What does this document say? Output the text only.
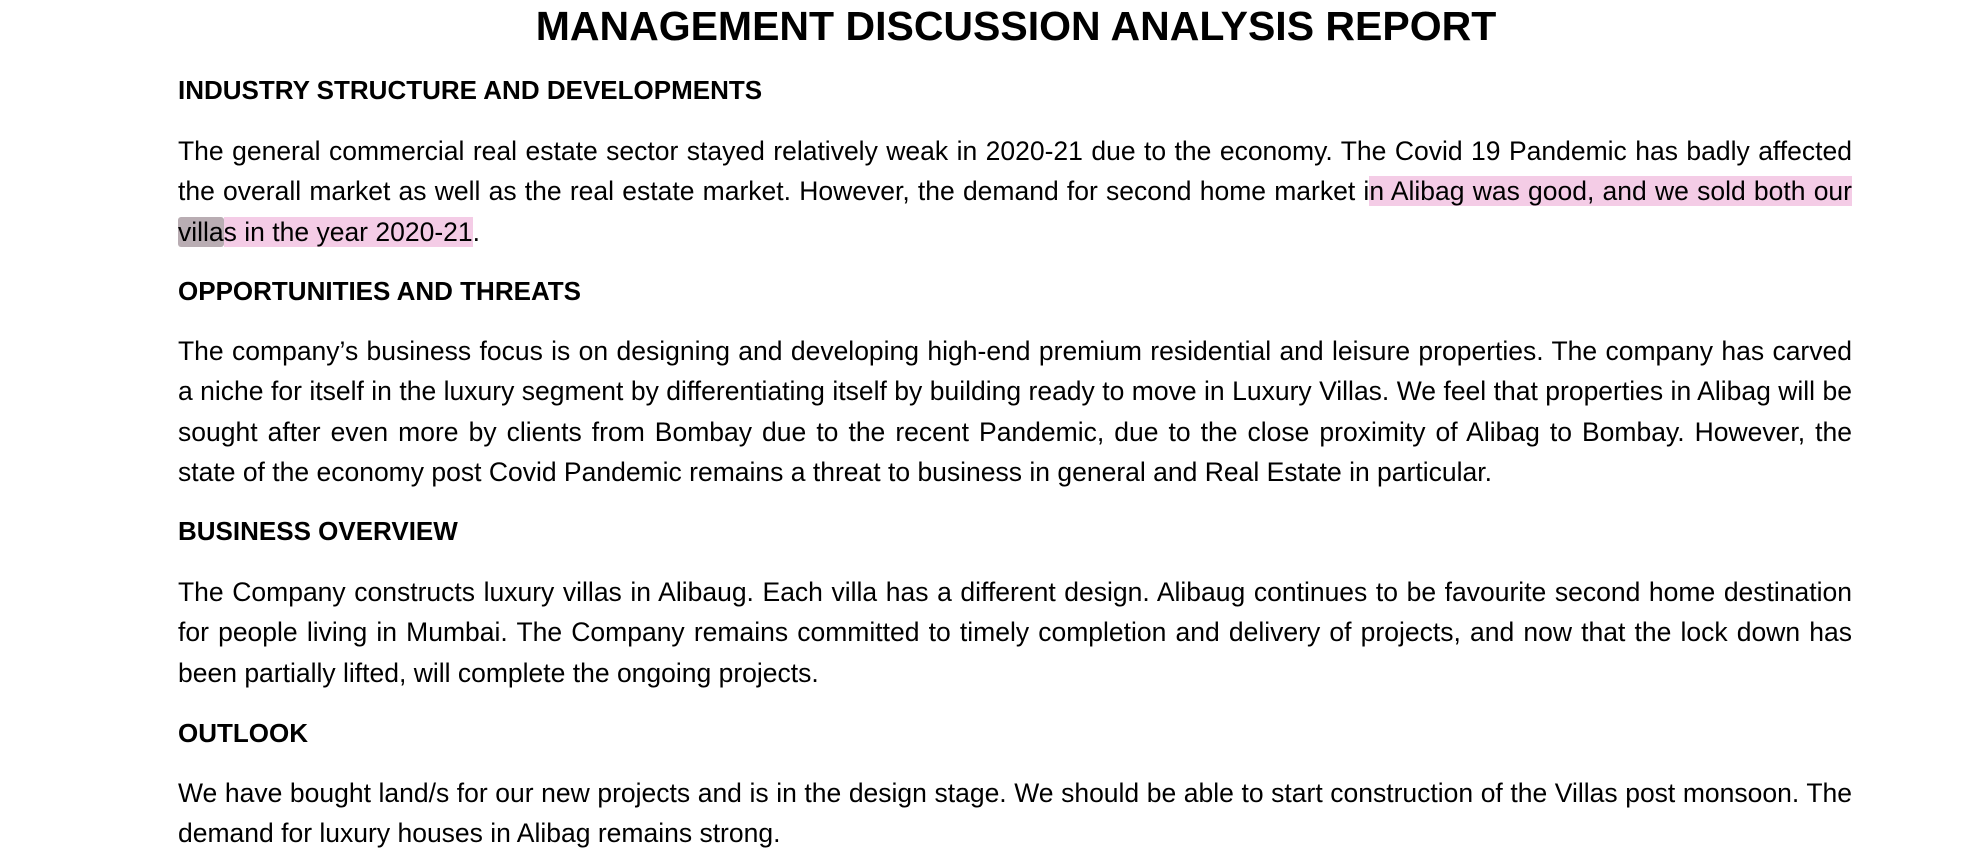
MANAGEMENT DISCUSSION ANALYSIS REPORT
INDUSTRY STRUCTURE AND DEVELOPMENTS

The general commercial real estate sector stayed relatively weak in 2020-21 due to the economy. The Covid 19 Pandemic has badly affected the overall market as well as the real estate market. However, the demand for second home market in Alibag was good, and we sold both our villas in the year 2020-21.

OPPORTUNITIES AND THREATS

The company’s business focus is on designing and developing high-end premium residential and leisure properties. The company has carved a niche for itself in the luxury segment by differentiating itself by building ready to move in Luxury Villas. We feel that properties in Alibag will be sought after even more by clients from Bombay due to the recent Pandemic, due to the close proximity of Alibag to Bombay. However, the state of the economy post Covid Pandemic remains a threat to business in general and Real Estate in particular.

BUSINESS OVERVIEW

The Company constructs luxury villas in Alibaug. Each villa has a different design. Alibaug continues to be favourite second home destination for people living in Mumbai. The Company remains committed to timely completion and delivery of projects, and now that the lock down has been partially lifted, will complete the ongoing projects.

OUTLOOK

We have bought land/s for our new projects and is in the design stage. We should be able to start construction of the Villas post monsoon. The demand for luxury houses in Alibag remains strong.
